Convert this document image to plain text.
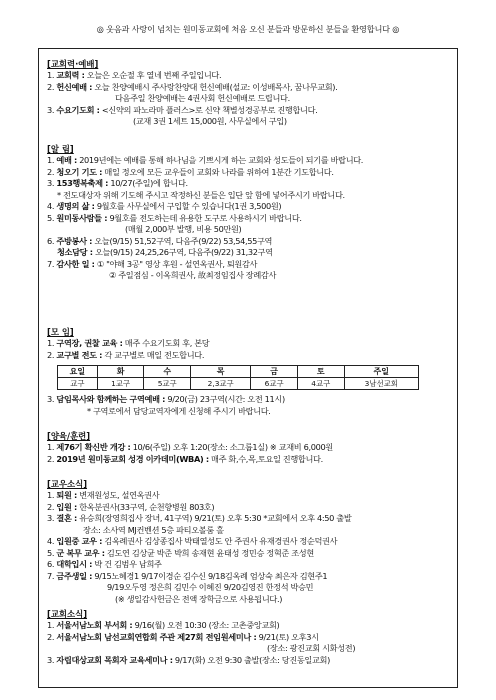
◎ 웃음과 사랑이 넘치는 원미동교회에 처음 오신 분들과 방문하신 분들을 환영합니다 ◎
[교회력·예배]
1. 교회력 : 오늘은 오순절 후 열네 번째 주일입니다.
2. 헌신예배 : 오늘 찬양예배시 주사랑찬양대 헌신예배(설교: 이성배목사, 꿈나무교회).
다음주일 찬양예배는 4권사회 헌신예배로 드립니다.
3. 수요기도회 : <신약의 파노라마 플러스>로 신약 책별성경공부로 진행합니다.
(교재 3권 1세트 15,000원, 사무실에서 구입)
[알 림]
1. 예배 : 2019년에는 예배를 통해 하나님을 기쁘시게 하는 교회와 성도들이 되기를 바랍니다.
2. 청오기 기도 : 매일 정오에 모든 교우들이 교회와 나라를 위하여 1분간 기도합니다.
3. 153행복축제 : 10/27(주일)에 합니다.
* 전도대상자 위해 기도해 주시고 작정하신 분들은 입단 앞 함에 넣어주시기 바랍니다.
4. 생명의 삶 : 9월호를 사무실에서 구입할 수 있습니다(1권 3,500원)
5. 원미동사람들 : 9월호를 전도하는데 유용한 도구로 사용하시기 바랍니다.
(매월 2,000부 발행, 비용 50만원)
6. 주방봉사 : 오늘(9/15) 51,52구역, 다음주(9/22) 53,54,55구역
청소담당 : 오늘(9/15) 24,25,26구역, 다음주(9/22) 31,32구역
7. 감사한 일 : ① "야해 3공" 영상 후원 - 설연옥권사, 퇴원감사
② 주일점심 - 이옥희권사, 故최정임집사 장례감사
[모 임]
1. 구역장, 권찰 교육 : 매주 수요기도회 후, 본당
2. 교구별 전도 : 각 교구별로 매일 전도합니다.
요일	화	수	목	금	토	주일
교구	1교구	5교구	2,3교구	6교구	4교구	3남선교회
3. 담임목사와 함께하는 구역예배 : 9/20(금) 23구역(시간: 오전 11시)
* 구역로에서 담당교역자에게 신청해 주시기 바랍니다.
[양육/훈련]
1. 제76기 확신반 개강 : 10/6(주일) 오후 1:20(장소: 소그룹1실) ※ 교재비 6,000원
2. 2019년 원미동교회 성경 이카데미(WBA) : 매주 화,수,목,토요일 진행합니다.
[교우소식]
1. 퇴원 : 변재원성도, 설연옥권사
2. 입원 : 한옥분권사(33구역, 순천향병원 803호)
3. 결혼 : 유승희(장영희집사 장녀, 41구역) 9/21(토) 오후 5:30 *교회에서 오후 4:50 출발
장소: 소사역 MJ컨벤션 5층 파티오볼룸 홀
4. 입원중 교우 : 김옥례권사 김상종집사 박태열성도 안 주권사 유재경권사 정순덕권사
5. 군 복무 교우 : 김도연 김상균 박준 박희 송재현 윤태성 정민승 정혁준 조성현
6. 대학입시 : 박 건 김범우 남희주
7. 금주생일 : 9/15노혜경1 9/17이경순 김수신 9/18김옥례 엄상숙 최은자 김현주1
9/19오두영 정은희 김민수 이혜진 9/20김영진 한정석 박승민
(※ 생일감사헌금은 전액 장학금으로 사용됩니다.)
[교회소식]
1. 서울서남노회 부서회 : 9/16(월) 오전 10:30 (장소: 고촌중앙교회)
2. 서울서남노회 남선교회연합회 주관 제27회 전임원세미나 : 9/21(토) 오후3시
(장소: 광진교회 시화성전)
3. 자립대상교회 목회자 교육세미나 : 9/17(화) 오전 9:30 출발(장소: 당진동일교회)
